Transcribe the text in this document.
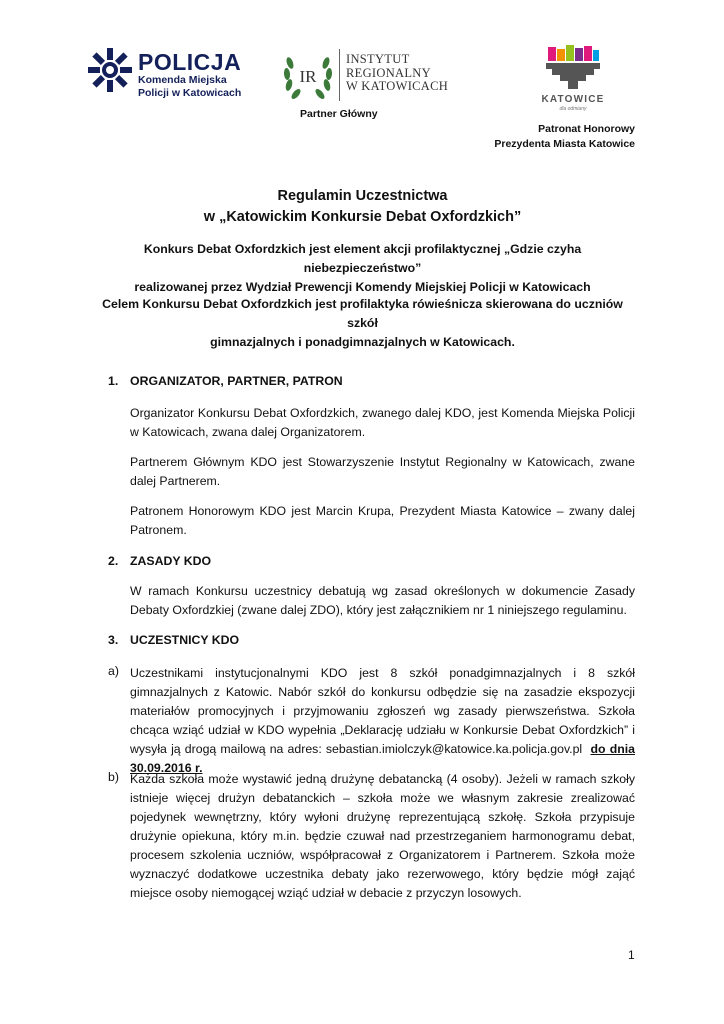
POLICJA
Komenda Miejska
Policji w Katowicach
IR
INSTYTUT
REGIONALNY
W KATOWICACH
KATOWICE
dla odmiany
Partner Główny
Patronat Honorowy
Prezydenta Miasta Katowice
Regulamin Uczestnictwa
w „Katowickim Konkursie Debat Oxfordzkich”
Konkurs Debat Oxfordzkich jest element akcji profilaktycznej „Gdzie czyha niebezpieczeństwo”
realizowanej przez Wydział Prewencji Komendy Miejskiej Policji w Katowicach
Celem Konkursu Debat Oxfordzkich jest profilaktyka rówieśnicza skierowana do uczniów szkół
gimnazjalnych i ponadgimnazjalnych w Katowicach.
1. ORGANIZATOR, PARTNER, PATRON
Organizator Konkursu Debat Oxfordzkich, zwanego dalej KDO, jest Komenda Miejska Policji w Katowicach, zwana dalej Organizatorem.
Partnerem Głównym KDO jest Stowarzyszenie Instytut Regionalny w Katowicach, zwane dalej Partnerem.
Patronem Honorowym KDO jest Marcin Krupa, Prezydent Miasta Katowice – zwany dalej Patronem.
2. ZASADY KDO
W ramach Konkursu uczestnicy debatują wg zasad określonych w dokumencie Zasady Debaty Oxfordzkiej (zwane dalej ZDO), który jest załącznikiem nr 1 niniejszego regulaminu.
3. UCZESTNICY KDO
a) Uczestnikami instytucjonalnymi KDO jest 8 szkół ponadgimnazjalnych i 8 szkół gimnazjalnych z Katowic. Nabór szkół do konkursu odbędzie się na zasadzie ekspozycji materiałów promocyjnych i przyjmowaniu zgłoszeń wg zasady pierwszeństwa. Szkoła chcąca wziąć udział w KDO wypełnia „Deklarację udziału w Konkursie Debat Oxfordzkich” i wysyła ją drogą mailową na adres: sebastian.imiolczyk@katowice.ka.policja.gov.pl do dnia 30.09.2016 r.
b) Każda szkoła może wystawić jedną drużynę debatancką (4 osoby). Jeżeli w ramach szkoły istnieje więcej drużyn debatanckich – szkoła może we własnym zakresie zrealizować pojedynek wewnętrzny, który wyłoni drużynę reprezentującą szkołę. Szkoła przypisuje drużynie opiekuna, który m.in. będzie czuwał nad przestrzeganiem harmonogramu debat, procesem szkolenia uczniów, współpracował z Organizatorem i Partnerem. Szkoła może wyznaczyć dodatkowe uczestnika debaty jako rezerwowego, który będzie mógł zająć miejsce osoby niemogącej wziąć udział w debacie z przyczyn losowych.
1
